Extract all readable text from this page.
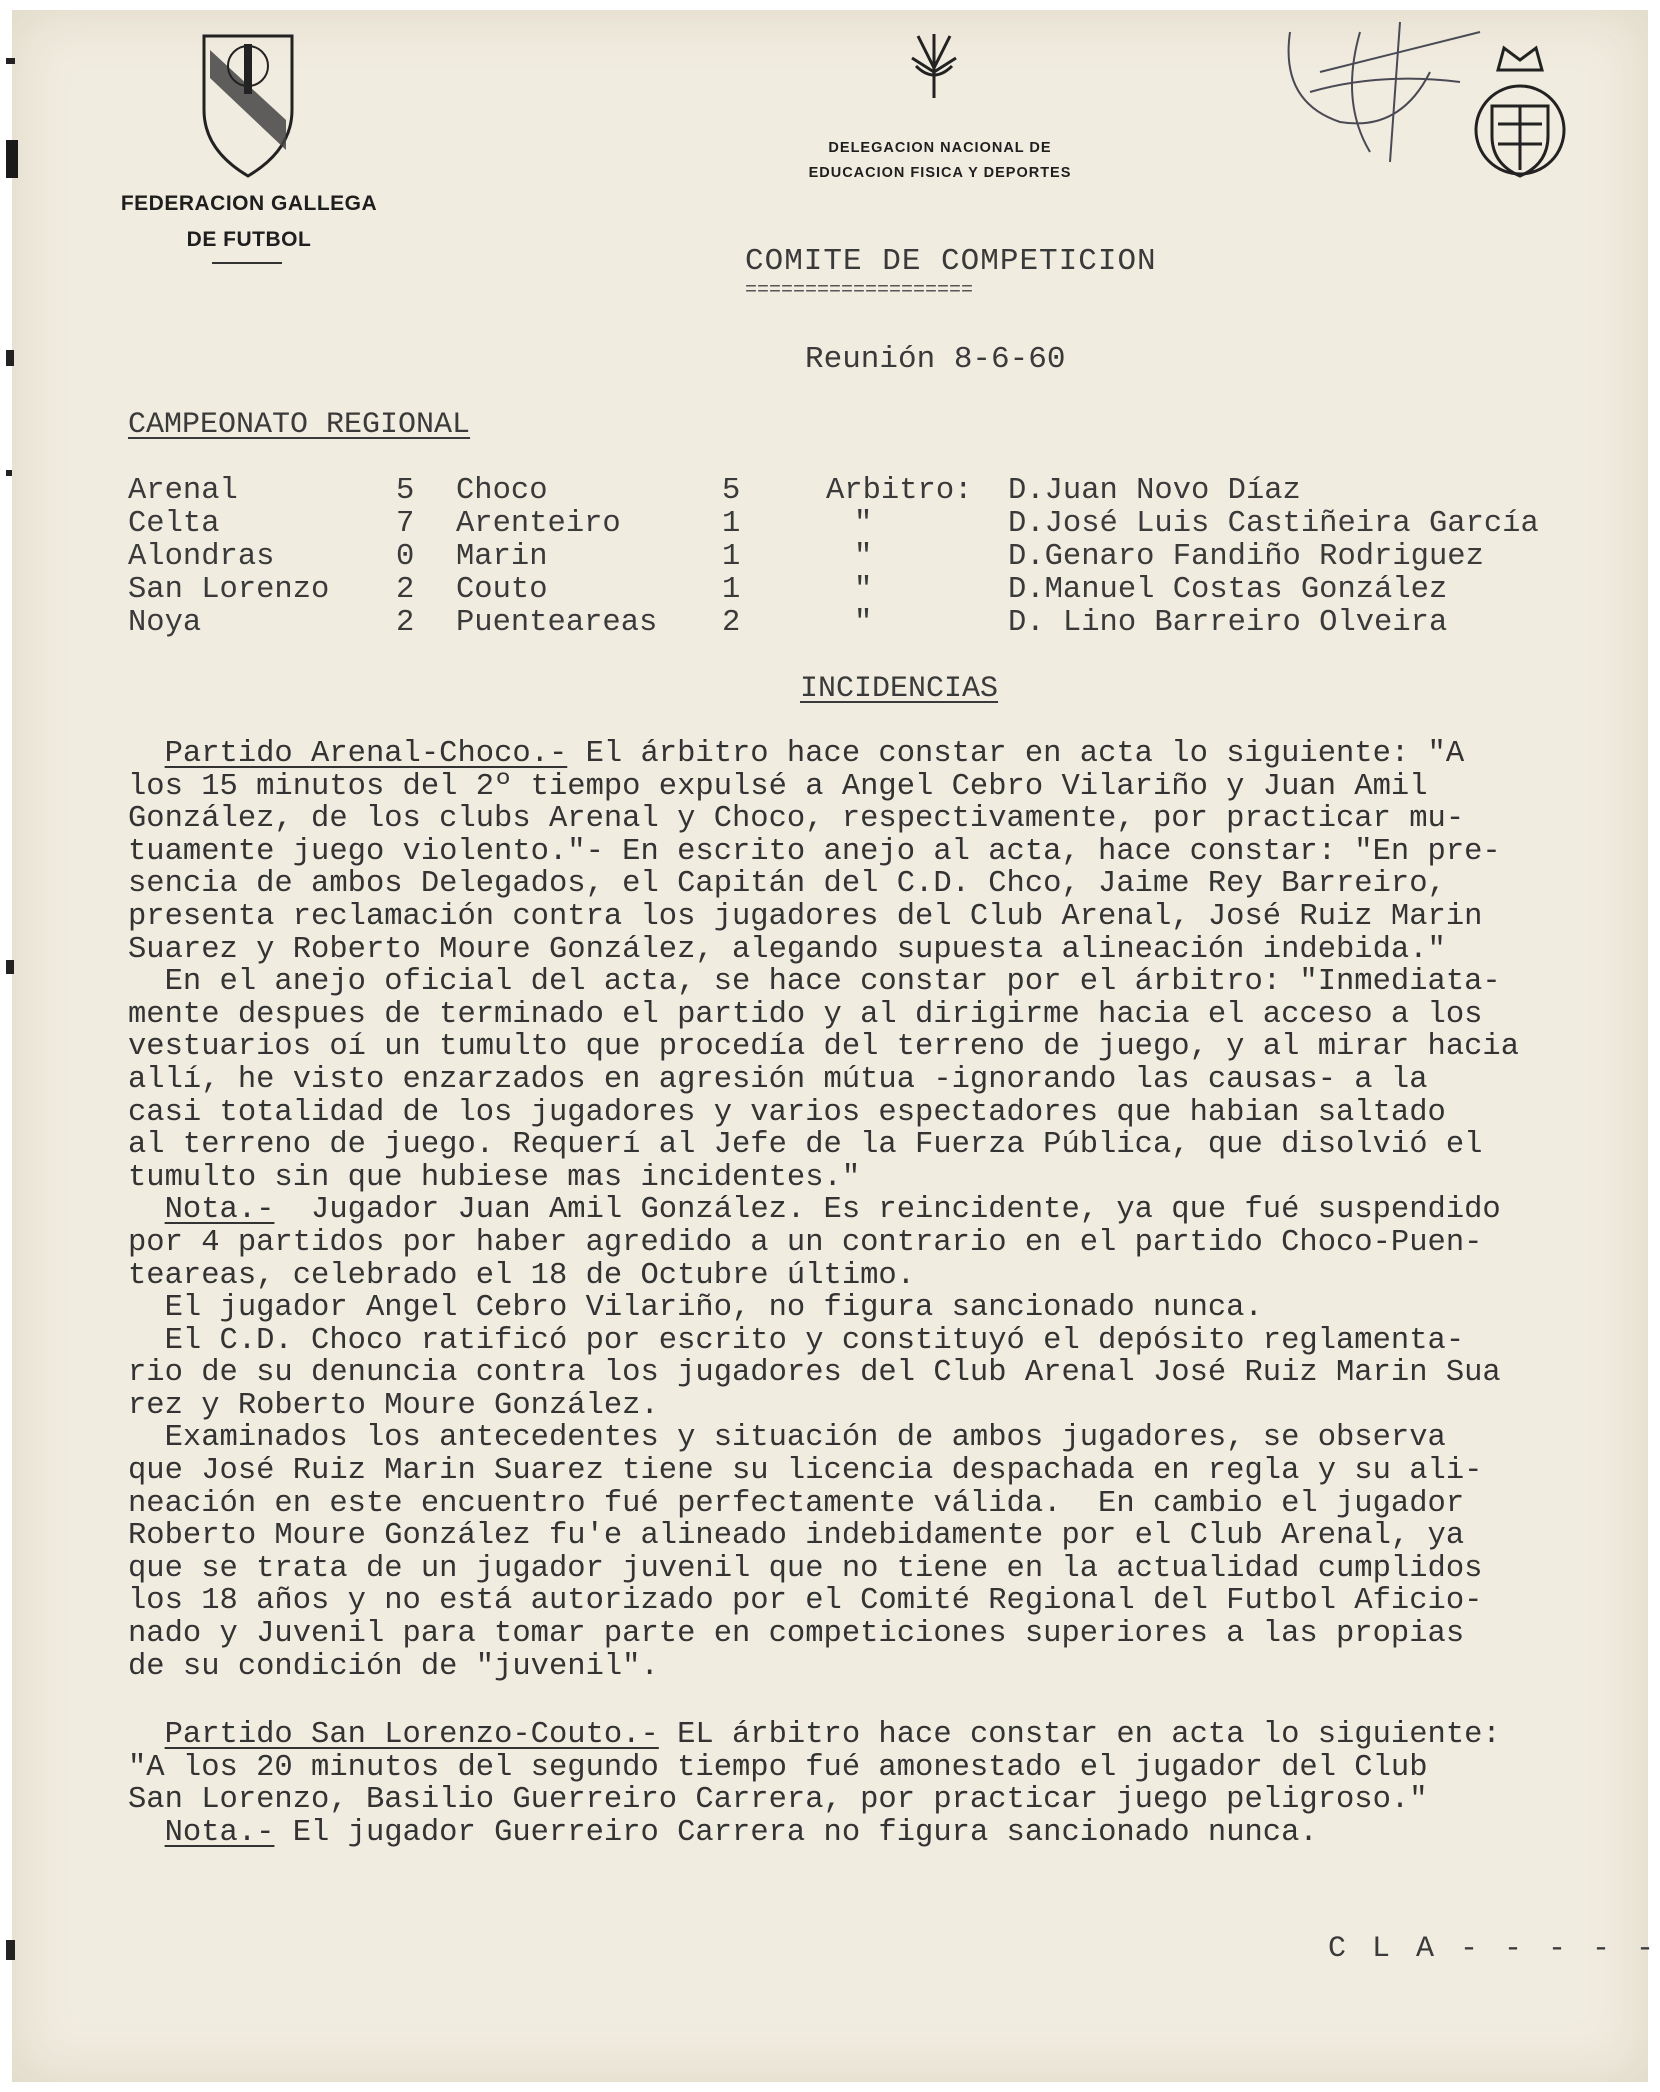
FEDERACION GALLEGA
DE FUTBOL
DELEGACION NACIONAL DE
EDUCACION FISICA Y DEPORTES
COMITE DE COMPETICION
===================
Reunión 8-6-60
CAMPEONATO REGIONAL
Arenal	5 Choco	5	Arbitro: D.Juan Novo Díaz
Celta	7 Arenteiro	1	"	D.José Luis Castiñeira García
Alondras	0 Marin	1	"	D.Genaro Fandiño Rodriguez
San Lorenzo 2 Couto	1	"	D.Manuel Costas González
Noya	2 Puenteareas 2	"	D. Lino Barreiro Olveira
INCIDENCIAS

Partido Arenal-Choco.- El árbitro hace constar en acta lo siguiente: "A

los 15 minutos del 2º tiempo expulsé a Angel Cebro Vilariño y Juan Amil

González, de los clubs Arenal y Choco, respectivamente, por practicar mu-

tuamente juego violento."- En escrito anejo al acta, hace constar: "En pre-

sencia de ambos Delegados, el Capitán del C.D. Chco, Jaime Rey Barreiro,

presenta reclamación contra los jugadores del Club Arenal, José Ruiz Marin

Suarez y Roberto Moure González, alegando supuesta alineación indebida."

En el anejo oficial del acta, se hace constar por el árbitro: "Inmediata-

mente despues de terminado el partido y al dirigirme hacia el acceso a los

vestuarios oí un tumulto que procedía del terreno de juego, y al mirar hacia

allí, he visto enzarzados en agresión mútua -ignorando las causas- a la

casi totalidad de los jugadores y varios espectadores que habian saltado

al terreno de juego. Requerí al Jefe de la Fuerza Pública, que disolvió el

tumulto sin que hubiese mas incidentes."

Nota.-  Jugador Juan Amil González. Es reincidente, ya que fué suspendido

por 4 partidos por haber agredido a un contrario en el partido Choco-Puen-

teareas, celebrado el 18 de Octubre último.

El jugador Angel Cebro Vilariño, no figura sancionado nunca.

El C.D. Choco ratificó por escrito y constituyó el depósito reglamenta-

rio de su denuncia contra los jugadores del Club Arenal José Ruiz Marin Sua

rez y Roberto Moure González.

Examinados los antecedentes y situación de ambos jugadores, se observa

que José Ruiz Marin Suarez tiene su licencia despachada en regla y su ali-

neación en este encuentro fué perfectamente válida.  En cambio el jugador

Roberto Moure González fu'e alineado indebidamente por el Club Arenal, ya

que se trata de un jugador juvenil que no tiene en la actualidad cumplidos

los 18 años y no está autorizado por el Comité Regional del Futbol Aficio-

nado y Juvenil para tomar parte en competiciones superiores a las propias

de su condición de "juvenil".

Partido San Lorenzo-Couto.- EL árbitro hace constar en acta lo siguiente:

"A los 20 minutos del segundo tiempo fué amonestado el jugador del Club

San Lorenzo, Basilio Guerreiro Carrera, por practicar juego peligroso."

Nota.- El jugador Guerreiro Carrera no figura sancionado nunca.

C L A - - - - -
